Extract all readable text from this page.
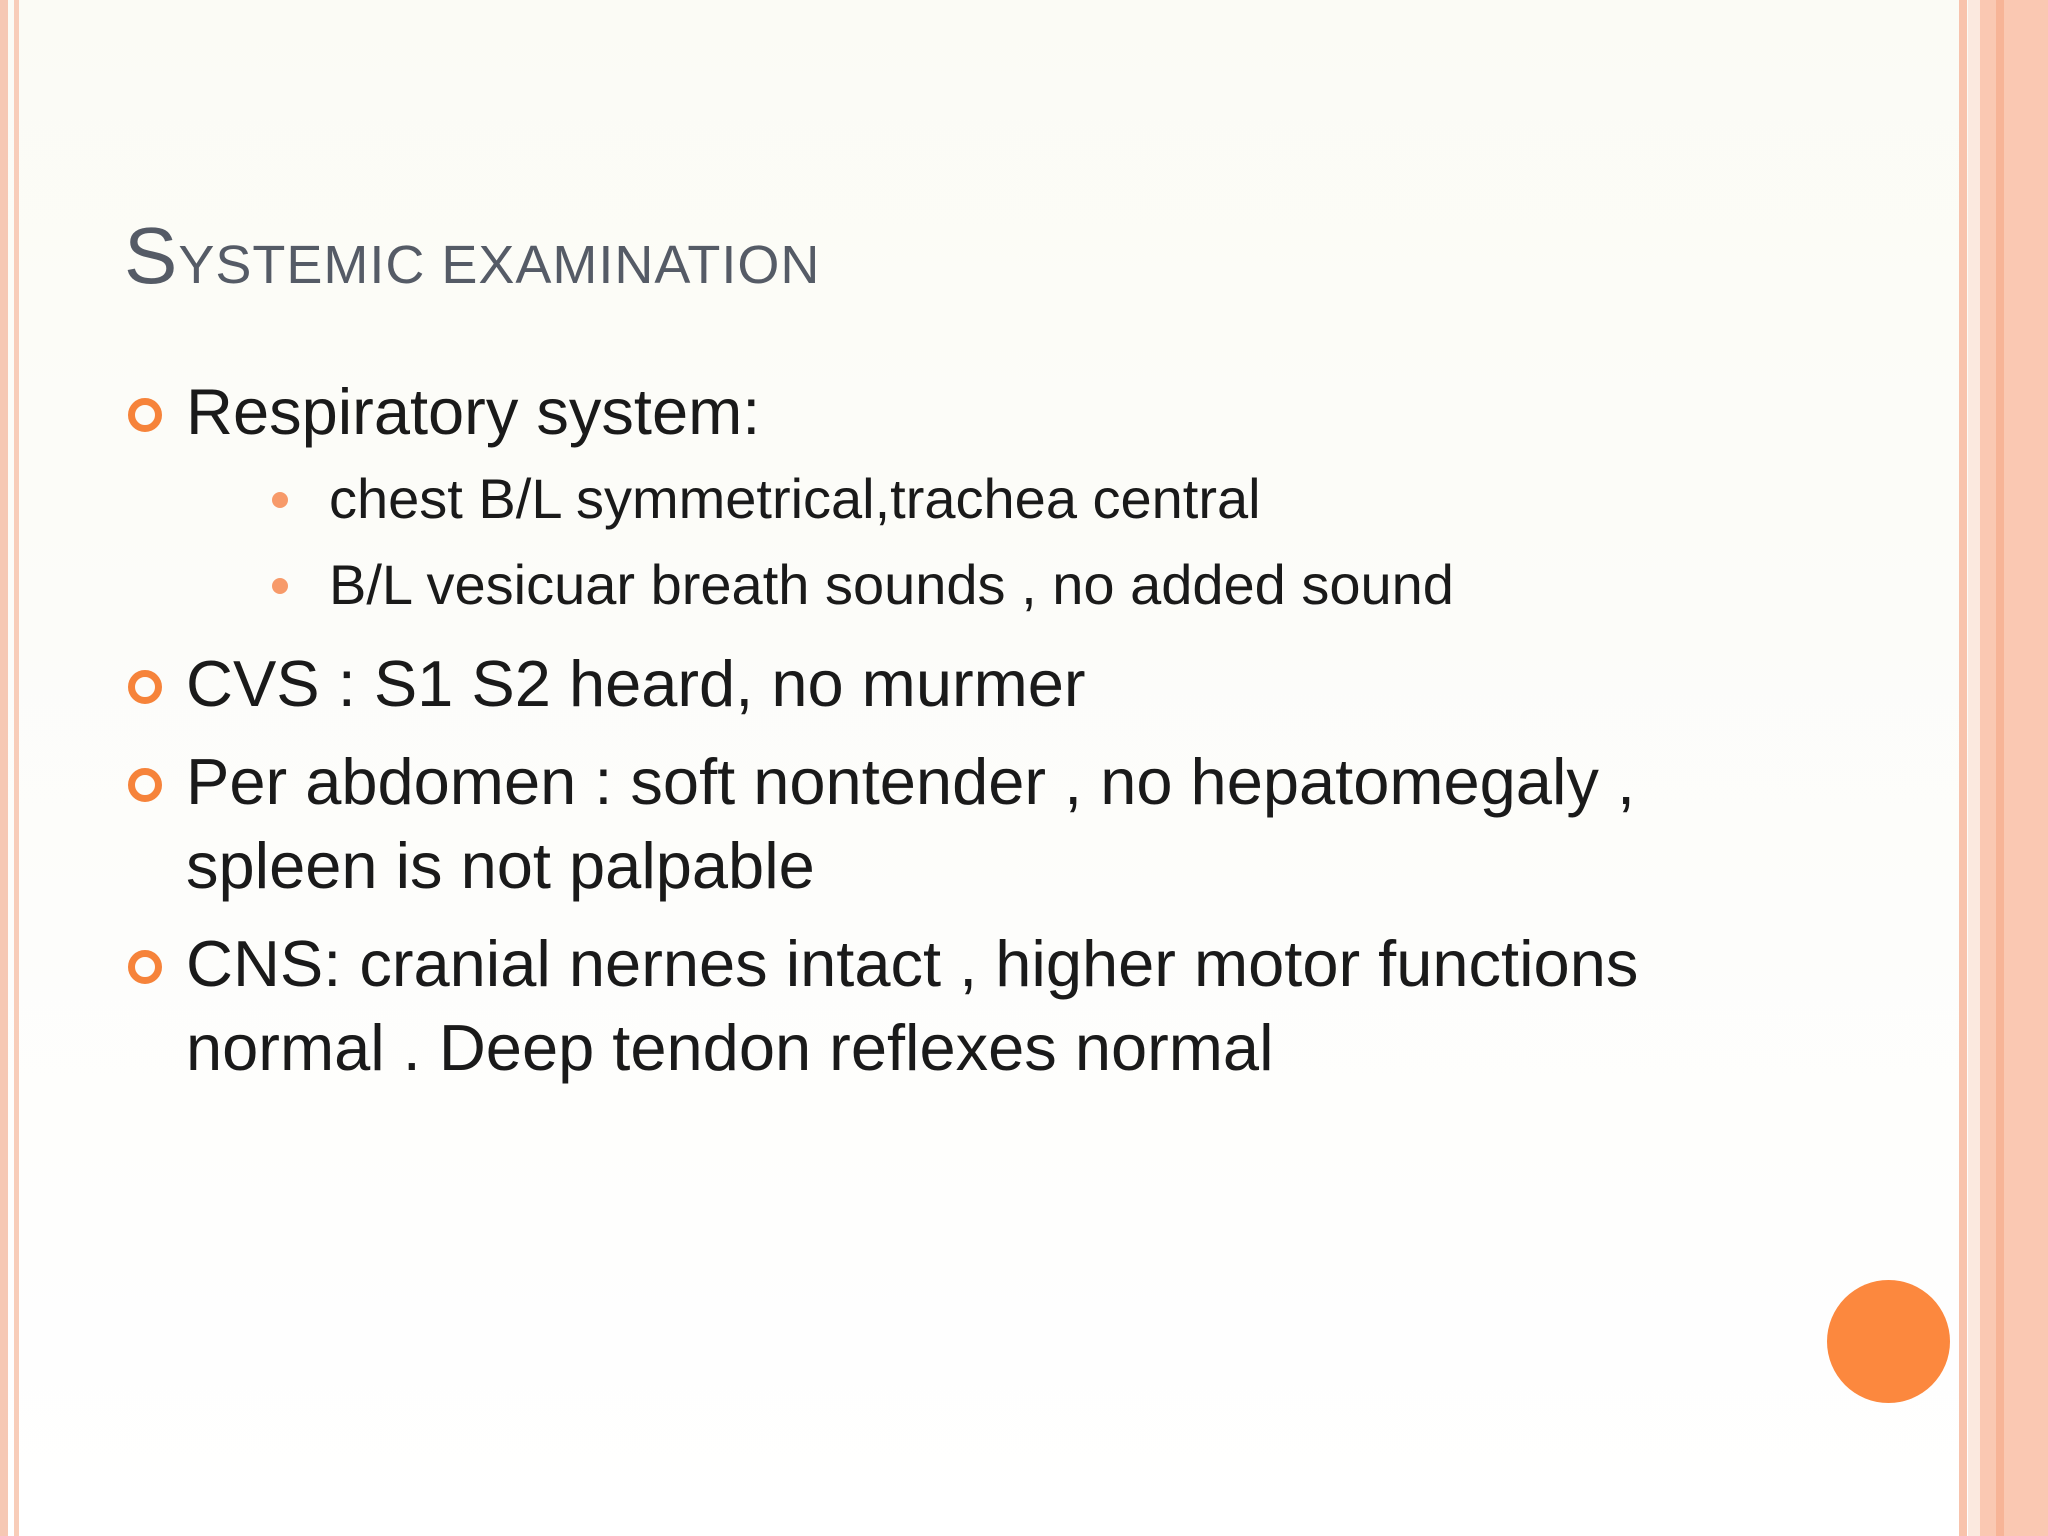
SYSTEMIC EXAMINATION
Respiratory system:
chest B/L symmetrical,trachea central
B/L vesicuar breath sounds , no added sound
CVS : S1 S2 heard, no murmer
Per abdomen : soft nontender , no hepatomegaly , spleen is not palpable
CNS: cranial nernes intact , higher motor functions normal . Deep tendon reflexes normal
